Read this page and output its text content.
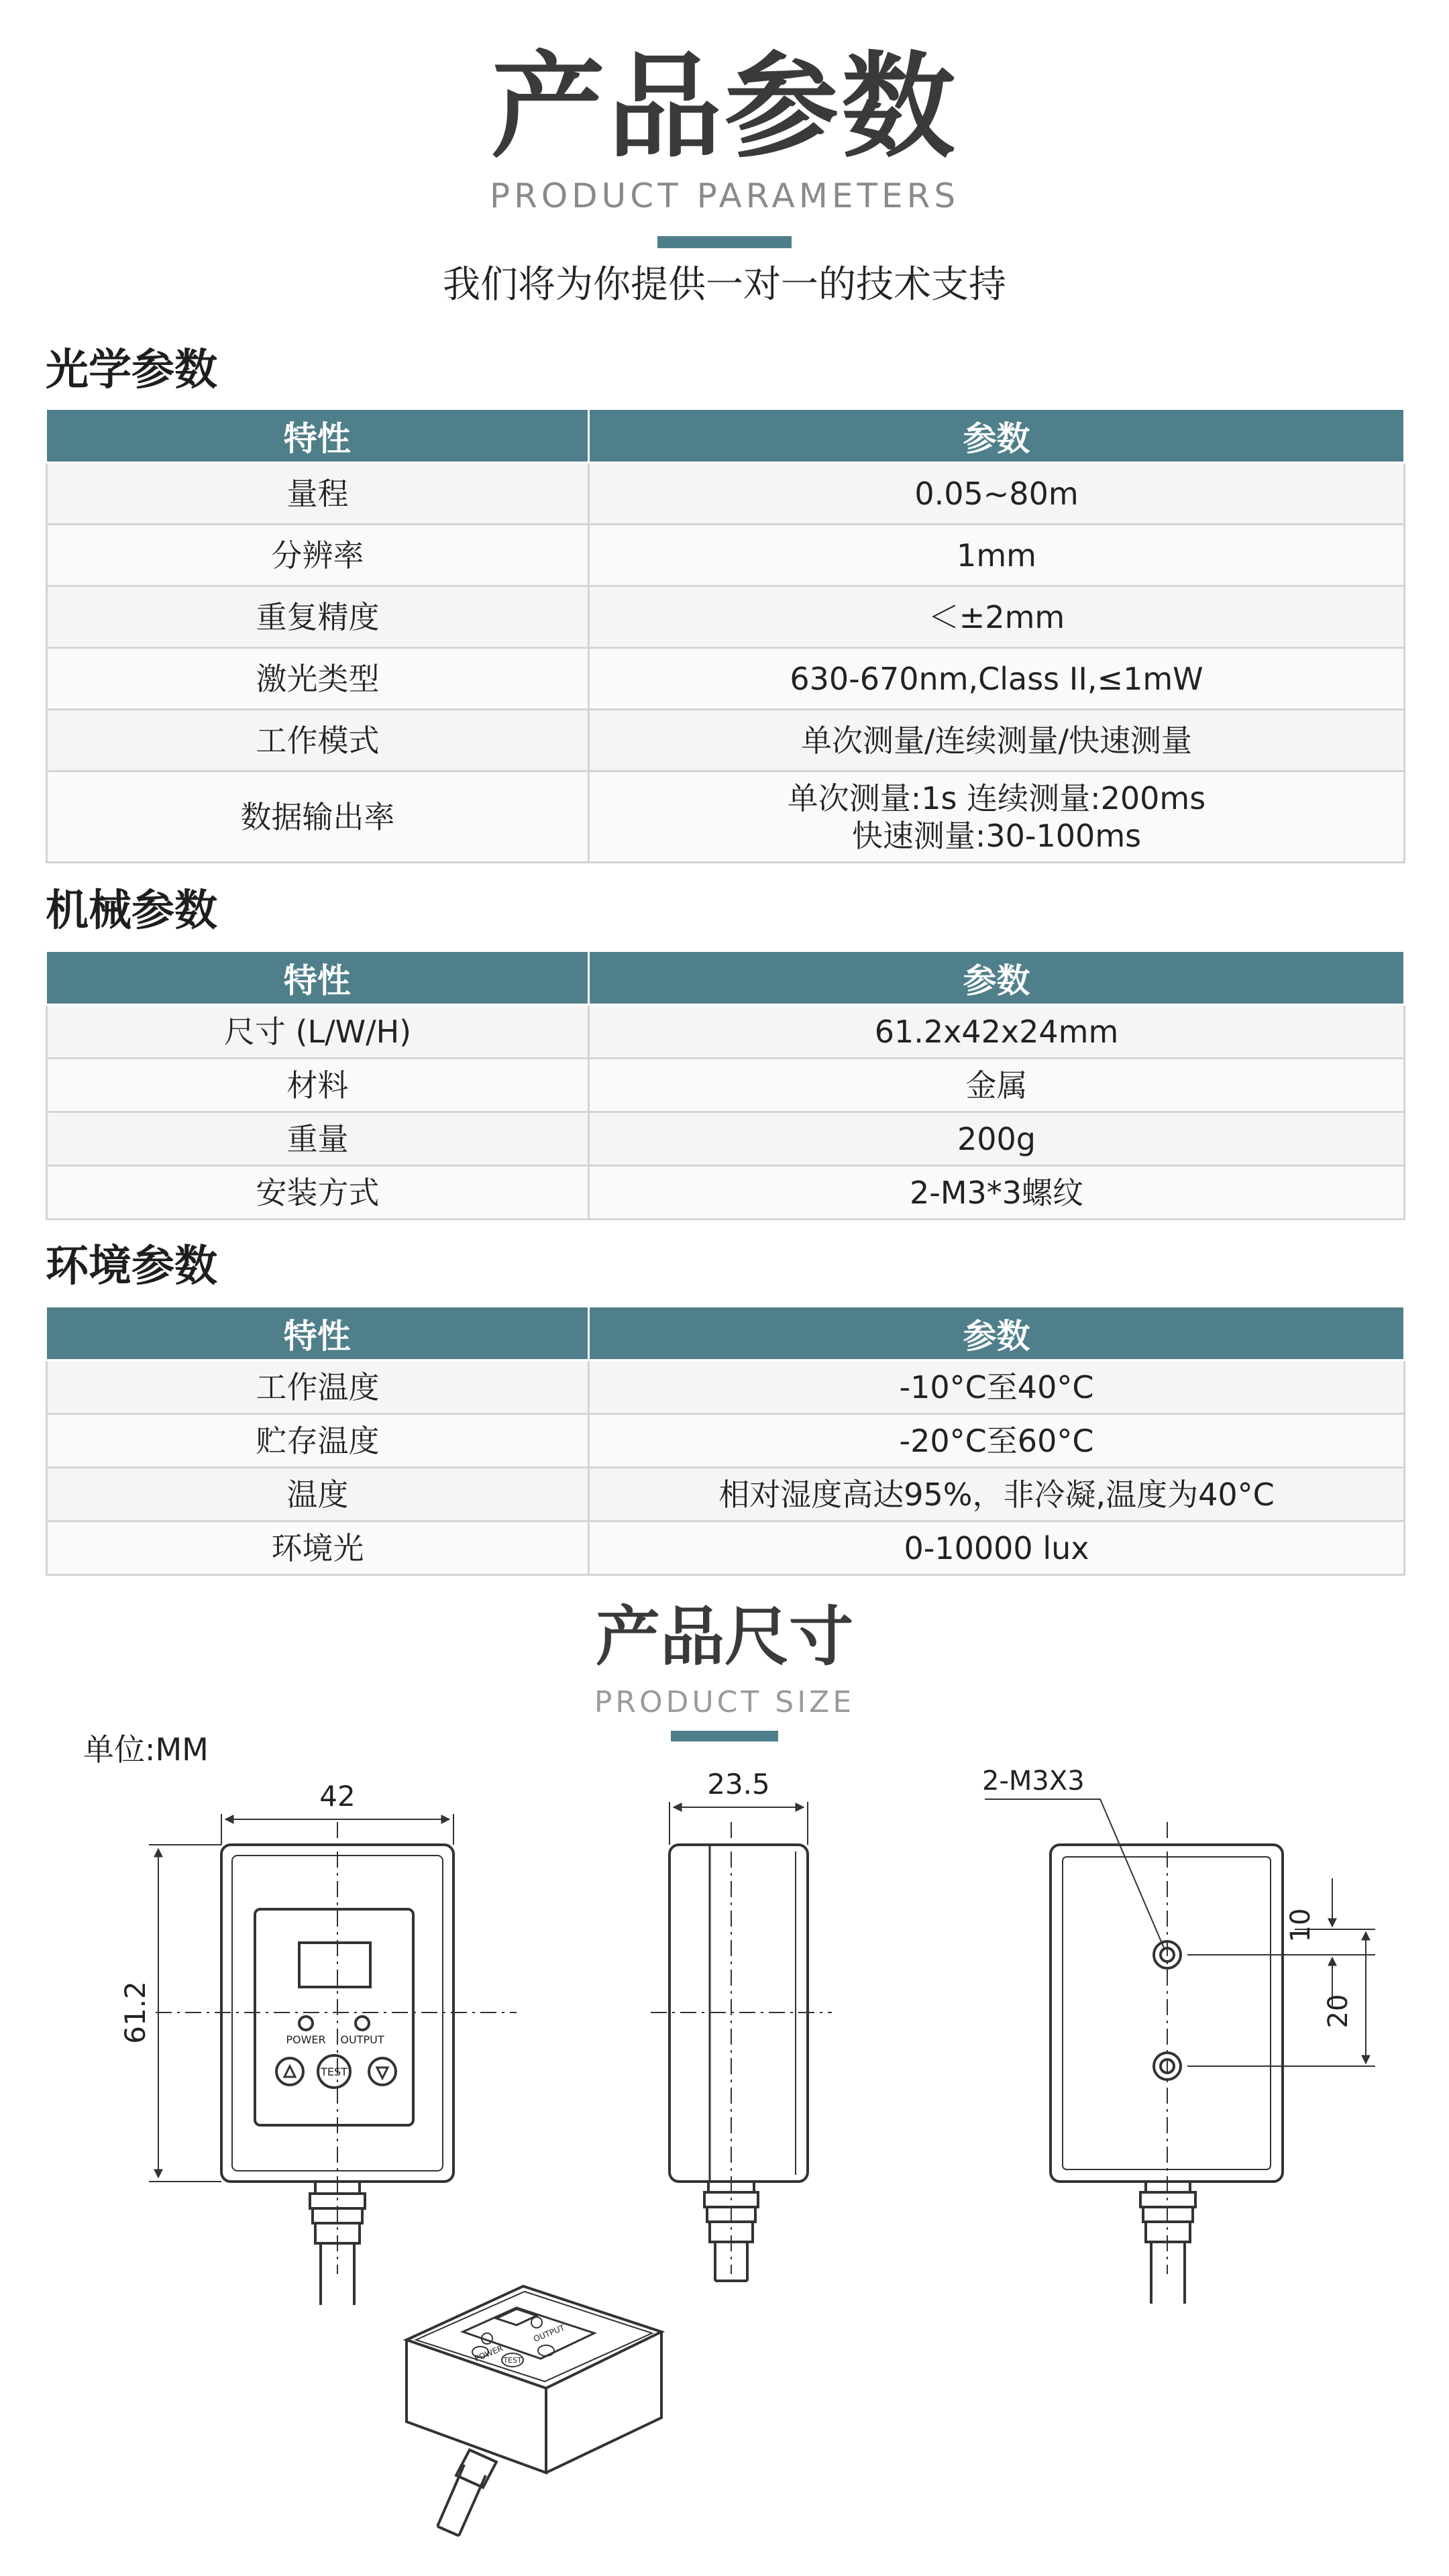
产品参数
PRODUCT PARAMETERS
我们将为你提供一对一的技术支持
光学参数
特性	参数
量程	0.05~80m
分辨率	1mm
重复精度	＜±2mm
激光类型	630-670nm,Class II,≤1mW
工作模式	单次测量/连续测量/快速测量
数据输出率	单次测量:1s 连续测量:200ms
快速测量:30-100ms
机械参数
特性	参数
尺寸 (L/W/H)	61.2x42x24mm
材料	金属
重量	200g
安装方式	2-M3*3螺纹
环境参数
特性	参数
工作温度	-10°C至40°C
贮存温度	-20°C至60°C
温度	相对湿度高达95%，非冷凝,温度为40°C
环境光	0-10000 lux
产品尺寸
PRODUCT SIZE
单位:MM
42
61.2	POWER OUTPUT
TEST
23.5	2-M3X3
10
20
POWER
OUTPUT
TEST
